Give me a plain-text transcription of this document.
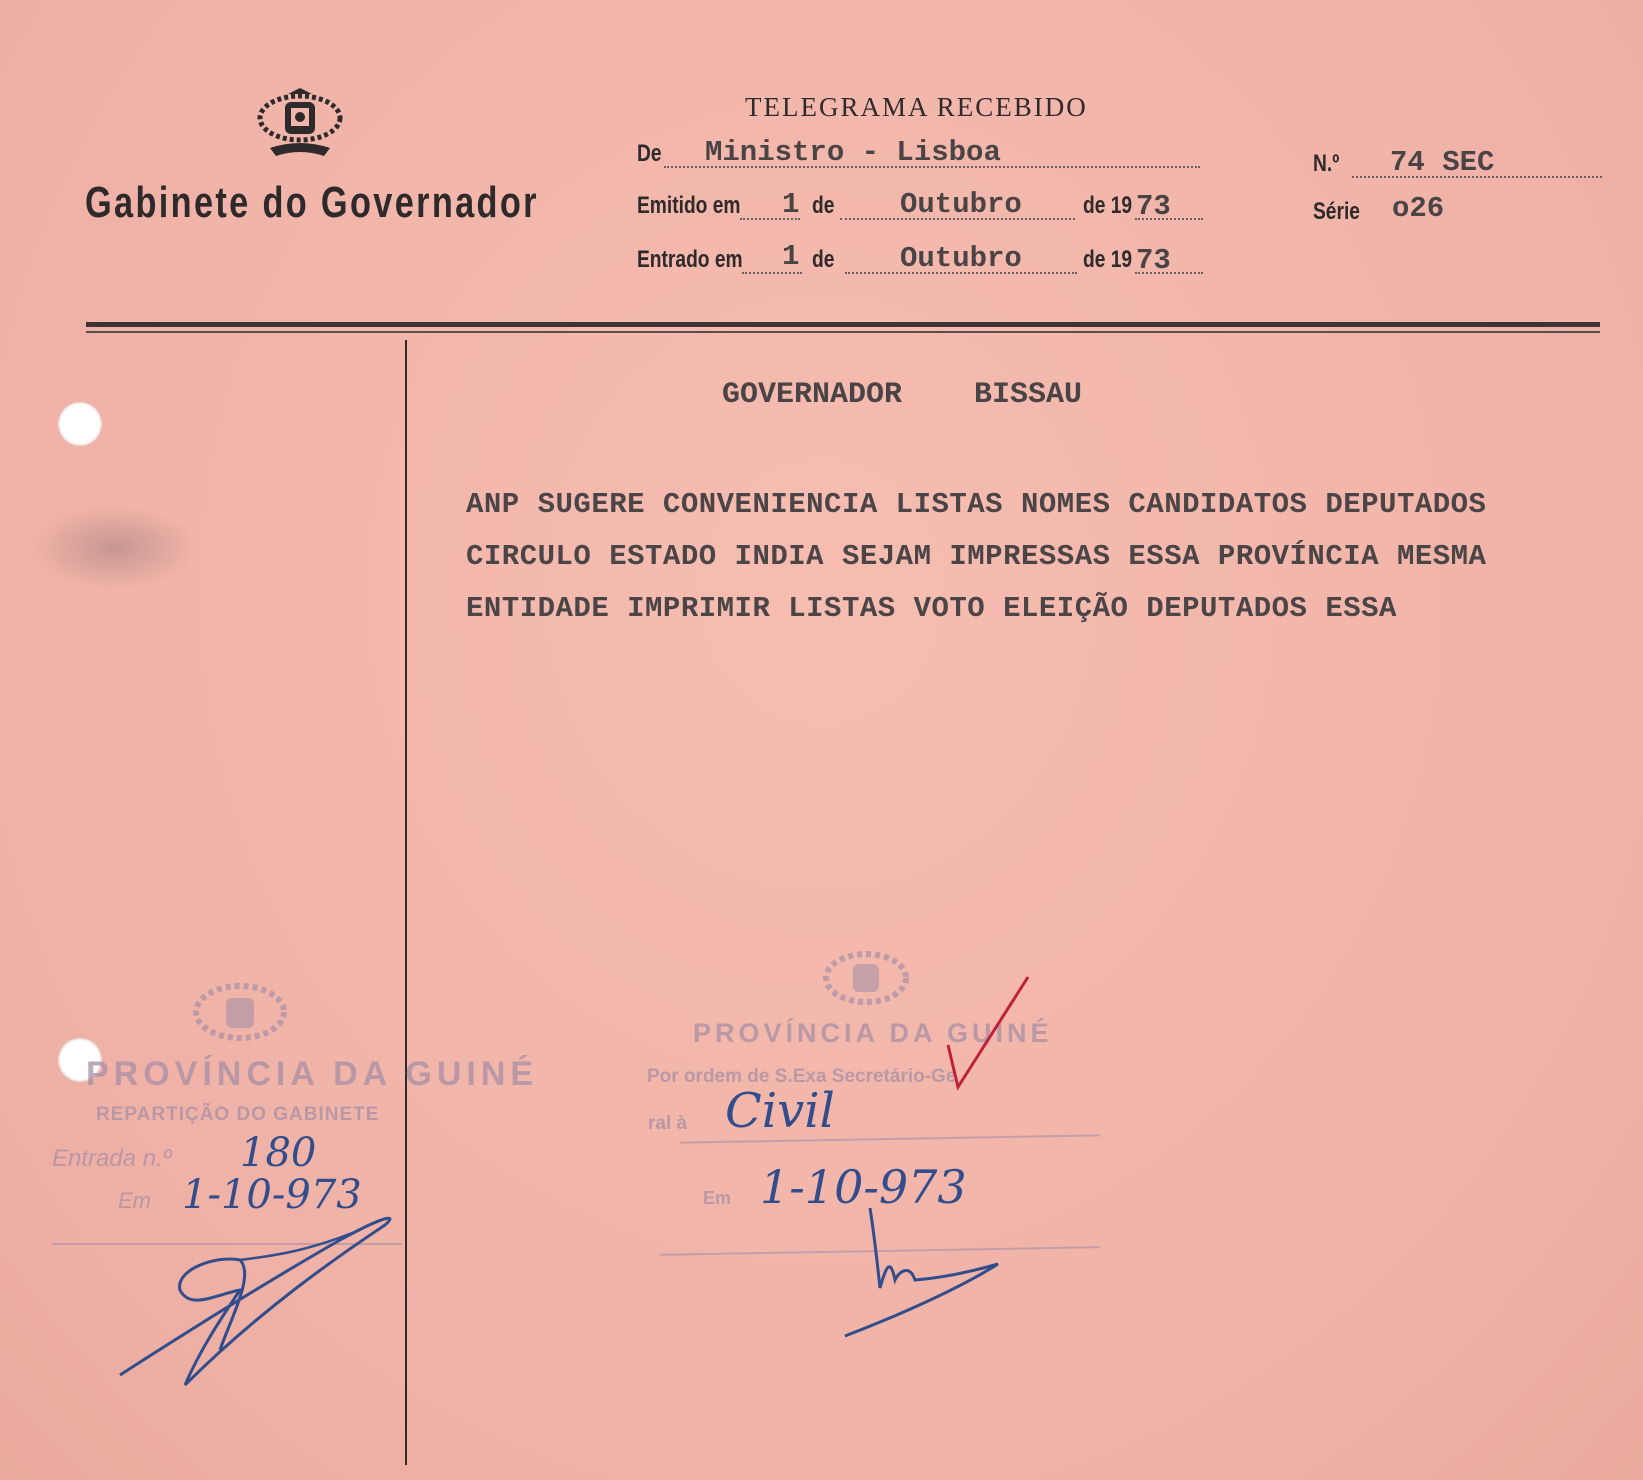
Gabinete do Governador
TELEGRAMA RECEBIDO
De Ministro - Lisboa
Emitido em 1 de Outubro	de 19 73
Entrado em 1 de Outubro	de 19 73
N.º 74 SEC
Série o26
GOVERNADOR    BISSAU
ANP SUGERE CONVENIENCIA LISTAS NOMES CANDIDATOS DEPUTADOS
CIRCULO ESTADO INDIA SEJAM IMPRESSAS ESSA PROVÍNCIA MESMA
ENTIDADE IMPRIMIR LISTAS VOTO ELEIÇÃO DEPUTADOS ESSA
PROVÍNCIA DA GUINÉ
REPARTIÇÃO DO GABINETE
Entrada n.º 180
Em 1-10-973
PROVÍNCIA DA GUINÉ
Por ordem de S.Exa Secretário-Ge
ral à Civil
Em 1-10-973
